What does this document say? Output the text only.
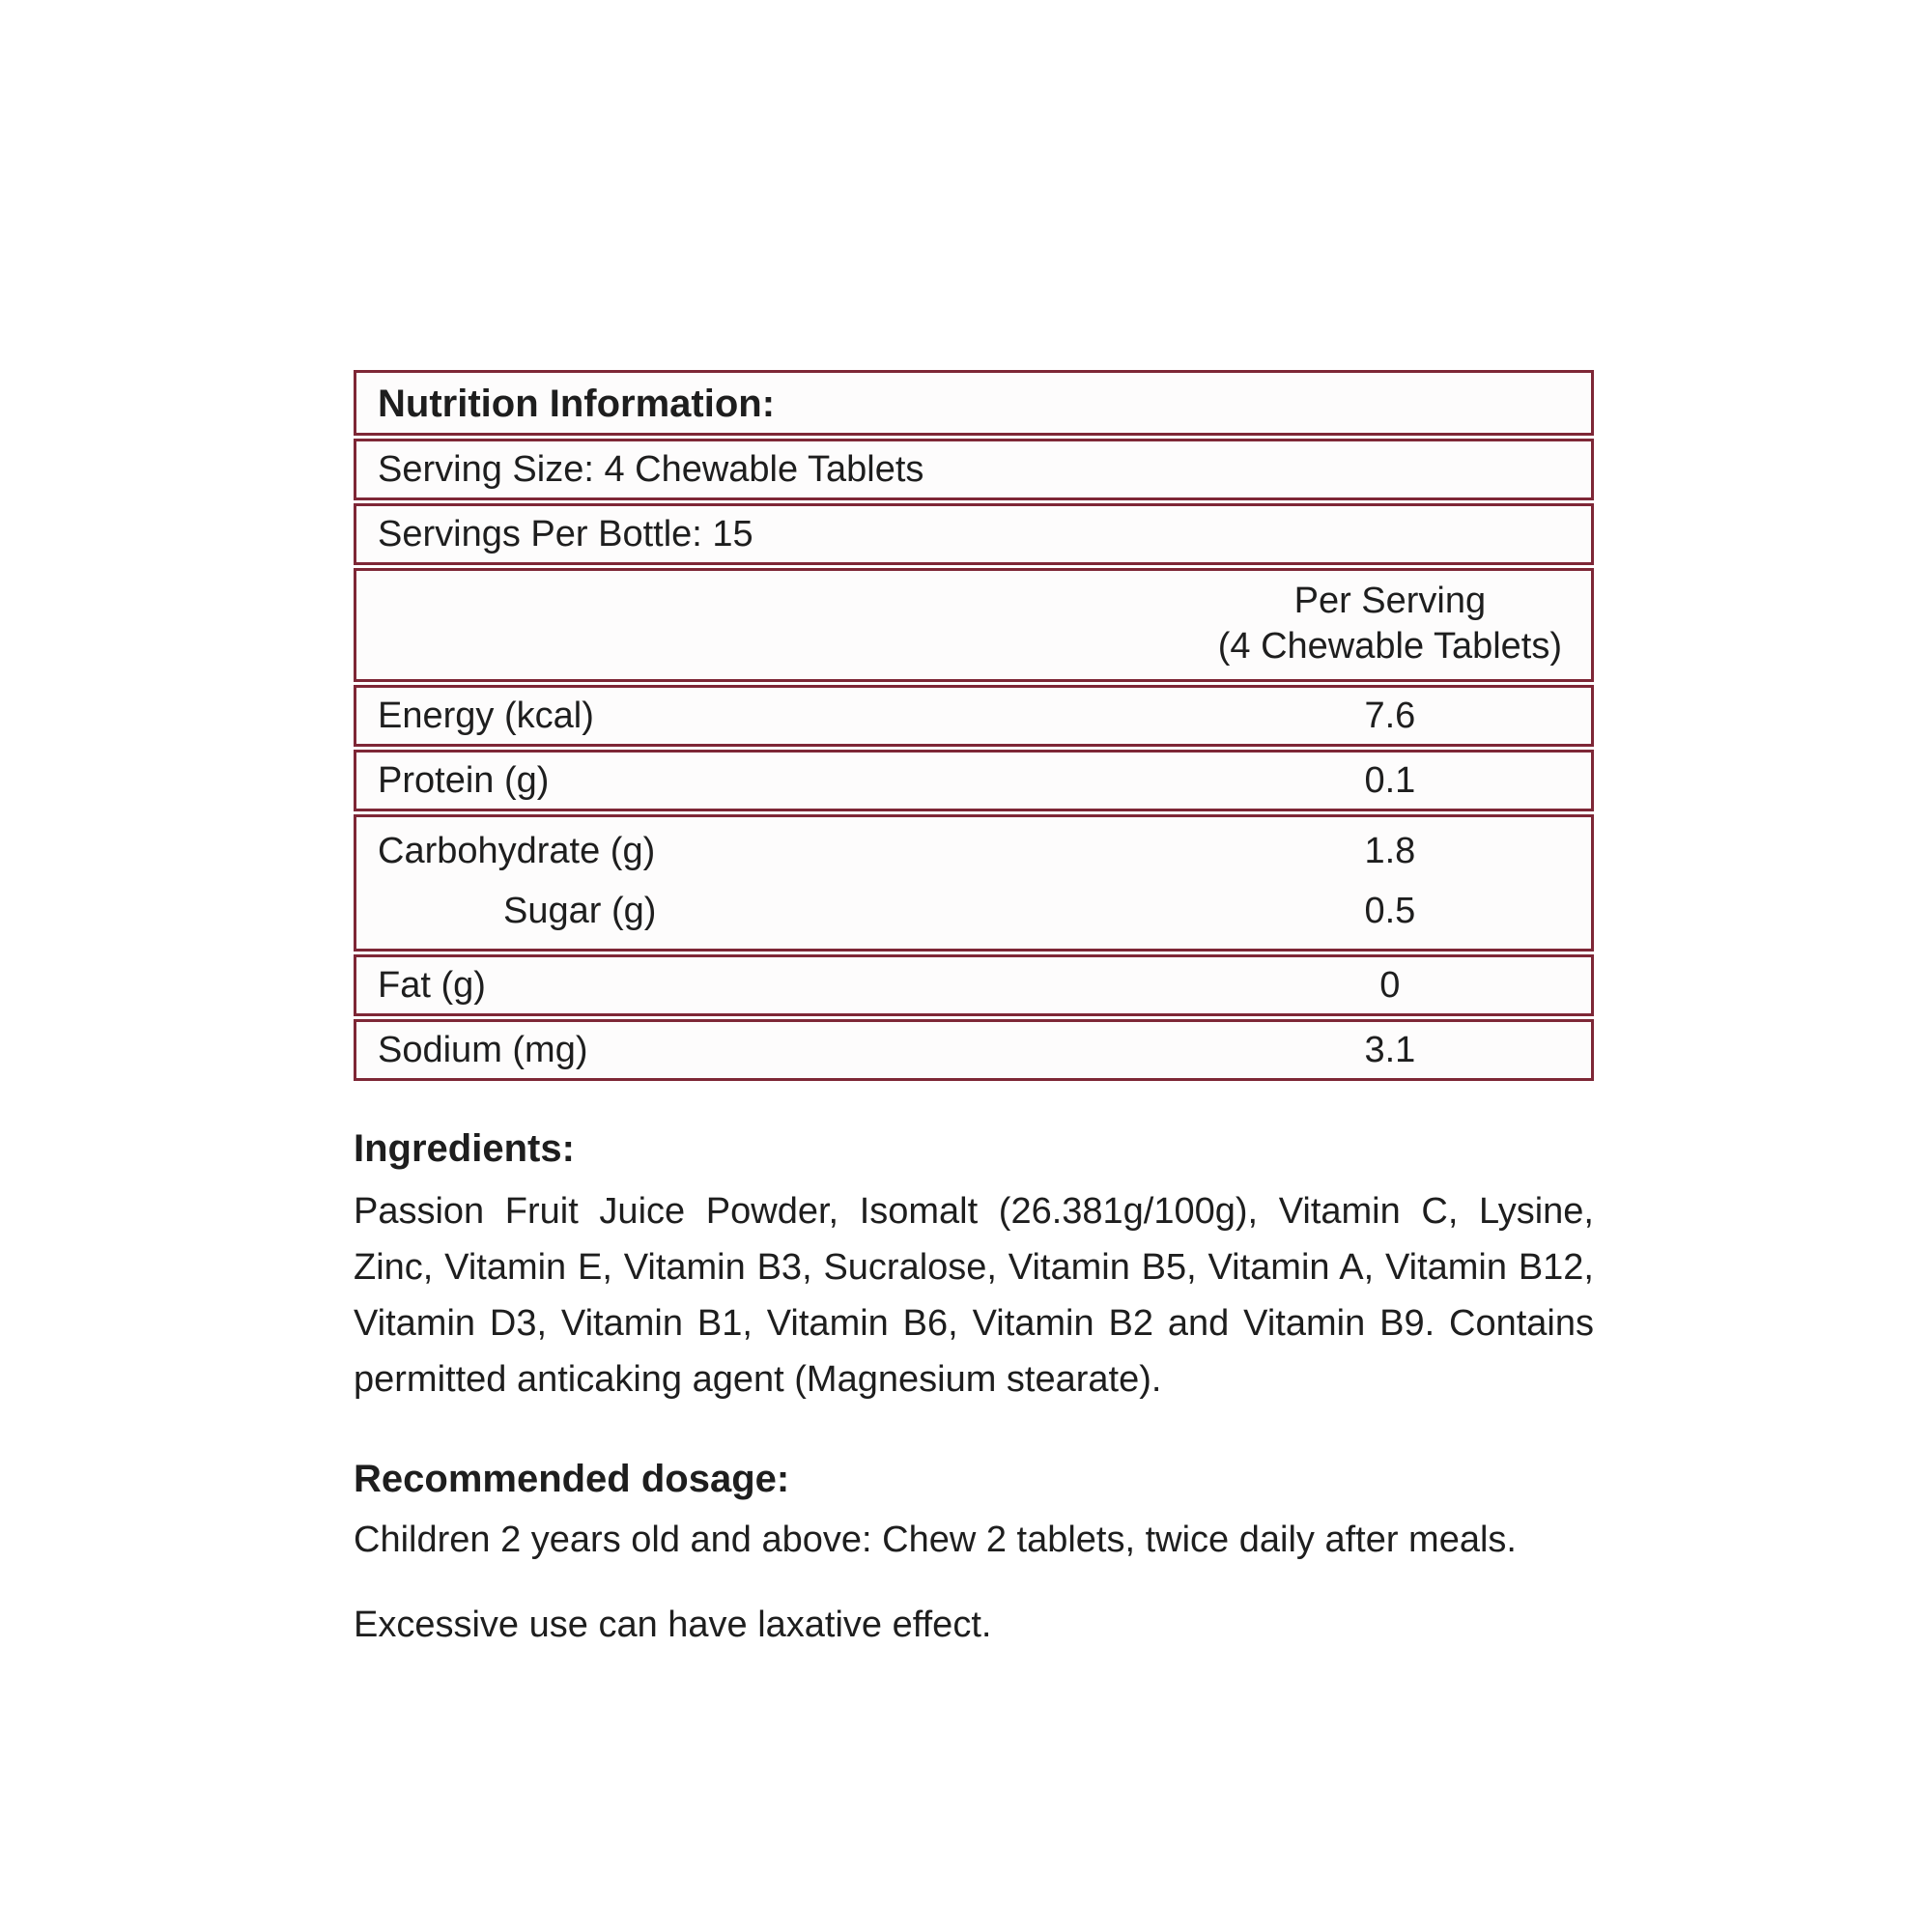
Nutrition Information:
Serving Size: 4 Chewable Tablets
Servings Per Bottle: 15
Per Serving
(4 Chewable Tablets)
Energy (kcal)	7.6
Protein (g)	0.1
Carbohydrate (g)	1.8
Sugar (g)	0.5
Fat (g)	0
Sodium (mg)	3.1

Ingredients:

Passion Fruit Juice Powder, Isomalt (26.381g/100g), Vitamin C, Lysine, Zinc, Vitamin E, Vitamin B3, Sucralose, Vitamin B5, Vitamin A, Vitamin B12, Vitamin D3, Vitamin B1, Vitamin B6, Vitamin B2 and Vitamin B9. Contains permitted anticaking agent (Magnesium stearate).

Recommended dosage:

Children 2 years old and above: Chew 2 tablets, twice daily after meals.

Excessive use can have laxative effect.
